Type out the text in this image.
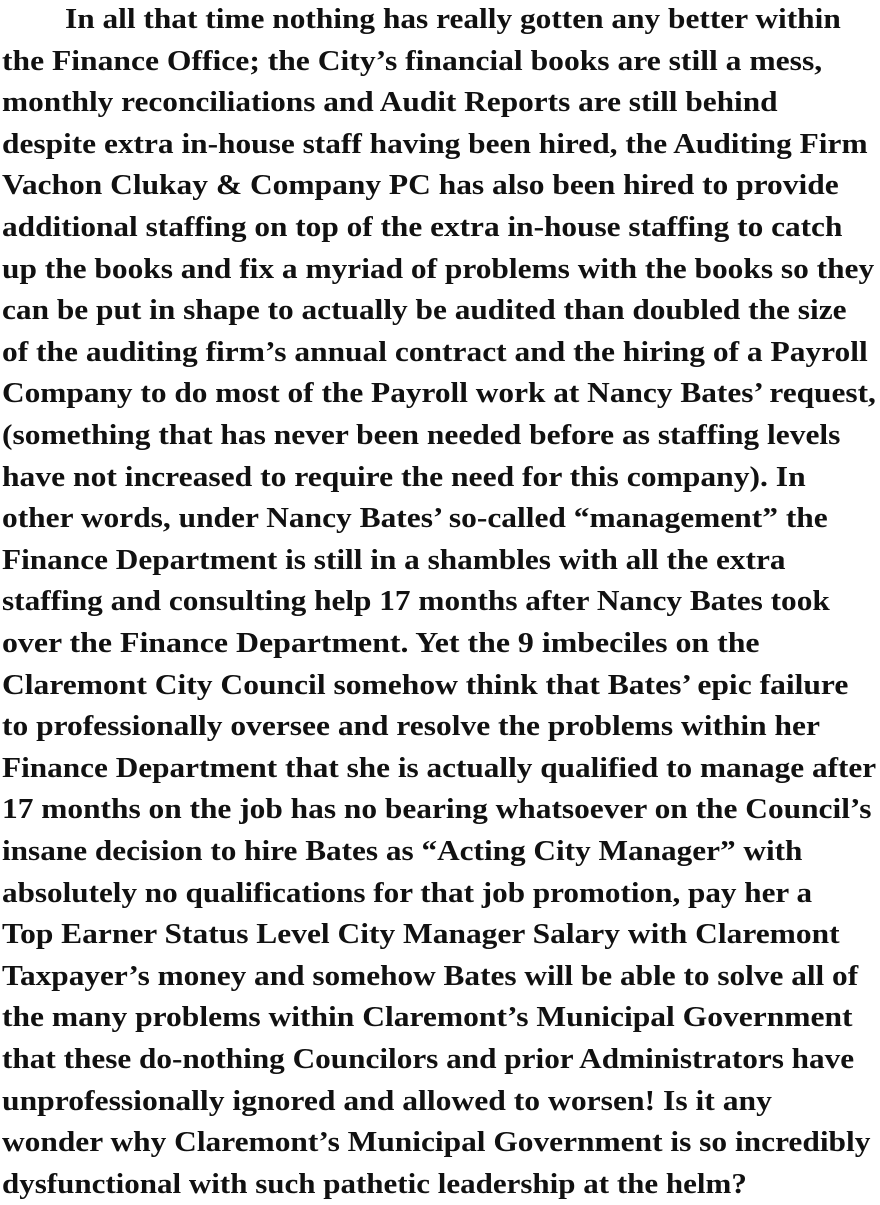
In all that time nothing has really gotten any better within
the Finance Office; the City’s financial books are still a mess,
monthly reconciliations and Audit Reports are still behind
despite extra in-house staff having been hired, the Auditing Firm
Vachon Clukay & Company PC has also been hired to provide
additional staffing on top of the extra in-house staffing to catch
up the books and fix a myriad of problems with the books so they
can be put in shape to actually be audited than doubled the size
of the auditing firm’s annual contract and the hiring of a Payroll
Company to do most of the Payroll work at Nancy Bates’ request,
(something that has never been needed before as staffing levels
have not increased to require the need for this company). In
other words, under Nancy Bates’ so-called “management” the
Finance Department is still in a shambles with all the extra
staffing and consulting help 17 months after Nancy Bates took
over the Finance Department. Yet the 9 imbeciles on the
Claremont City Council somehow think that Bates’ epic failure
to professionally oversee and resolve the problems within her
Finance Department that she is actually qualified to manage after
17 months on the job has no bearing whatsoever on the Council’s
insane decision to hire Bates as “Acting City Manager” with
absolutely no qualifications for that job promotion, pay her a
Top Earner Status Level City Manager Salary with Claremont
Taxpayer’s money and somehow Bates will be able to solve all of
the many problems within Claremont’s Municipal Government
that these do-nothing Councilors and prior Administrators have
unprofessionally ignored and allowed to worsen! Is it any
wonder why Claremont’s Municipal Government is so incredibly
dysfunctional with such pathetic leadership at the helm?
